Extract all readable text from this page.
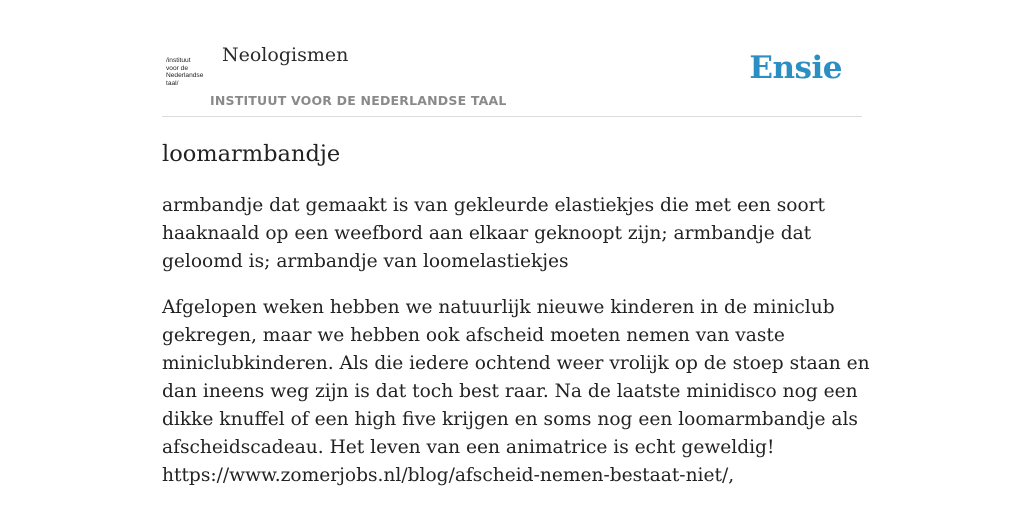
/instituut
voor de
Nederlandse
taal/
Neologismen
INSTITUUT VOOR DE NEDERLANDSE TAAL
Ensie
loomarmbandje

armbandje dat gemaakt is van gekleurde elastiekjes die met een soort haaknaald op een weefbord aan elkaar geknoopt zijn; armbandje dat geloomd is; armbandje van loomelastiekjes

Afgelopen weken hebben we natuurlijk nieuwe kinderen in de miniclub gekregen, maar we hebben ook afscheid moeten nemen van vaste miniclubkinderen. Als die iedere ochtend weer vrolijk op de stoep staan en dan ineens weg zijn is dat toch best raar. Na de laatste minidisco nog een dikke knuffel of een high five krijgen en soms nog een loomarmbandje als afscheidscadeau. Het leven van een animatrice is echt geweldig!
https://www.zomerjobs.nl/blog/afscheid-nemen-bestaat-niet/,
